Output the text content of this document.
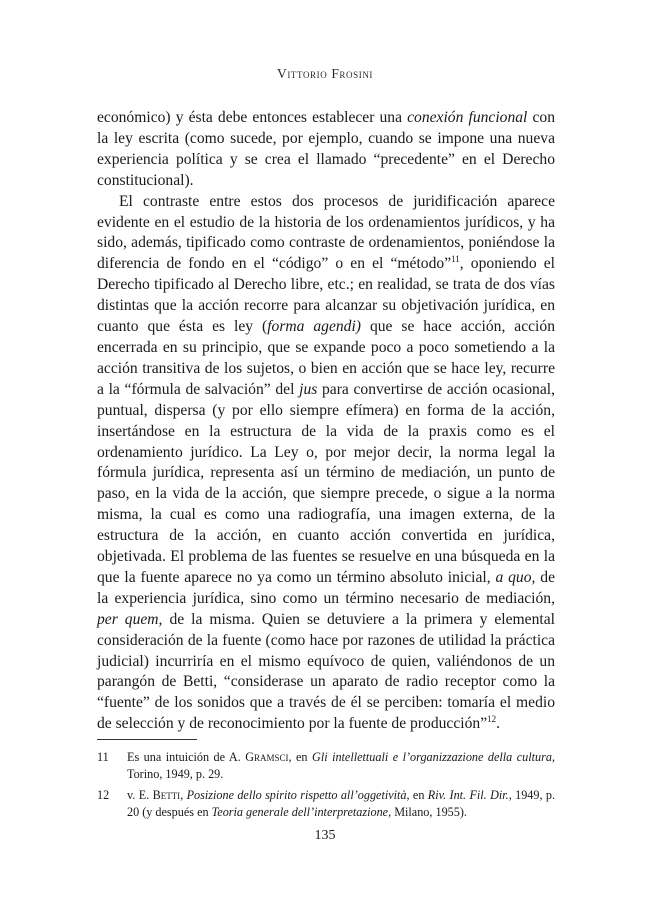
Vittorio Frosini

económico) y ésta debe entonces establecer una conexión funcional con la ley escrita (como sucede, por ejemplo, cuando se impone una nueva experiencia política y se crea el llamado “precedente” en el Derecho constitucional).

El contraste entre estos dos procesos de juridificación aparece evidente en el estudio de la historia de los ordenamientos jurídicos, y ha sido, además, tipificado como contraste de ordenamientos, poniéndose la diferencia de fondo en el “código” o en el “método”$^{11}$, oponiendo el Derecho tipificado al Derecho libre, etc.; en realidad, se trata de dos vías distintas que la acción recorre para alcanzar su objetivación jurídica, en cuanto que ésta es ley (forma agendi) que se hace acción, acción encerrada en su principio, que se expande poco a poco sometiendo a la acción transitiva de los sujetos, o bien en acción que se hace ley, recurre a la “fórmula de salvación” del jus para convertirse de acción ocasional, puntual, dispersa (y por ello siempre efímera) en forma de la acción, insertándose en la estructura de la vida de la praxis como es el ordenamiento jurídico. La Ley o, por mejor decir, la norma legal la fórmula jurídica, representa así un término de mediación, un punto de paso, en la vida de la acción, que siempre precede, o sigue a la norma misma, la cual es como una radiografía, una imagen externa, de la estructura de la acción, en cuanto acción convertida en jurídica, objetivada. El problema de las fuentes se resuelve en una búsqueda en la que la fuente aparece no ya como un término absoluto inicial, a quo, de la experiencia jurídica, sino como un término necesario de mediación, per quem, de la misma. Quien se detuviere a la primera y elemental consideración de la fuente (como hace por razones de utilidad la práctica judicial) incurriría en el mismo equívoco de quien, valiéndonos de un parangón de Betti, “considerase un aparato de radio receptor como la “fuente” de los sonidos que a través de él se perciben: tomaría el medio de selección y de reconocimiento por la fuente de producción”$^{12}$.

11	Es una intuición de A. Gramsci, en Gli intellettuali e l’organizzazione della cultura, Torino, 1949, p. 29.
12	v. E. Betti, Posizione dello spirito rispetto all’oggetività, en Riv. Int. Fil. Dir., 1949, p. 20 (y después en Teoria generale dell’interpretazione, Milano, 1955).
135
